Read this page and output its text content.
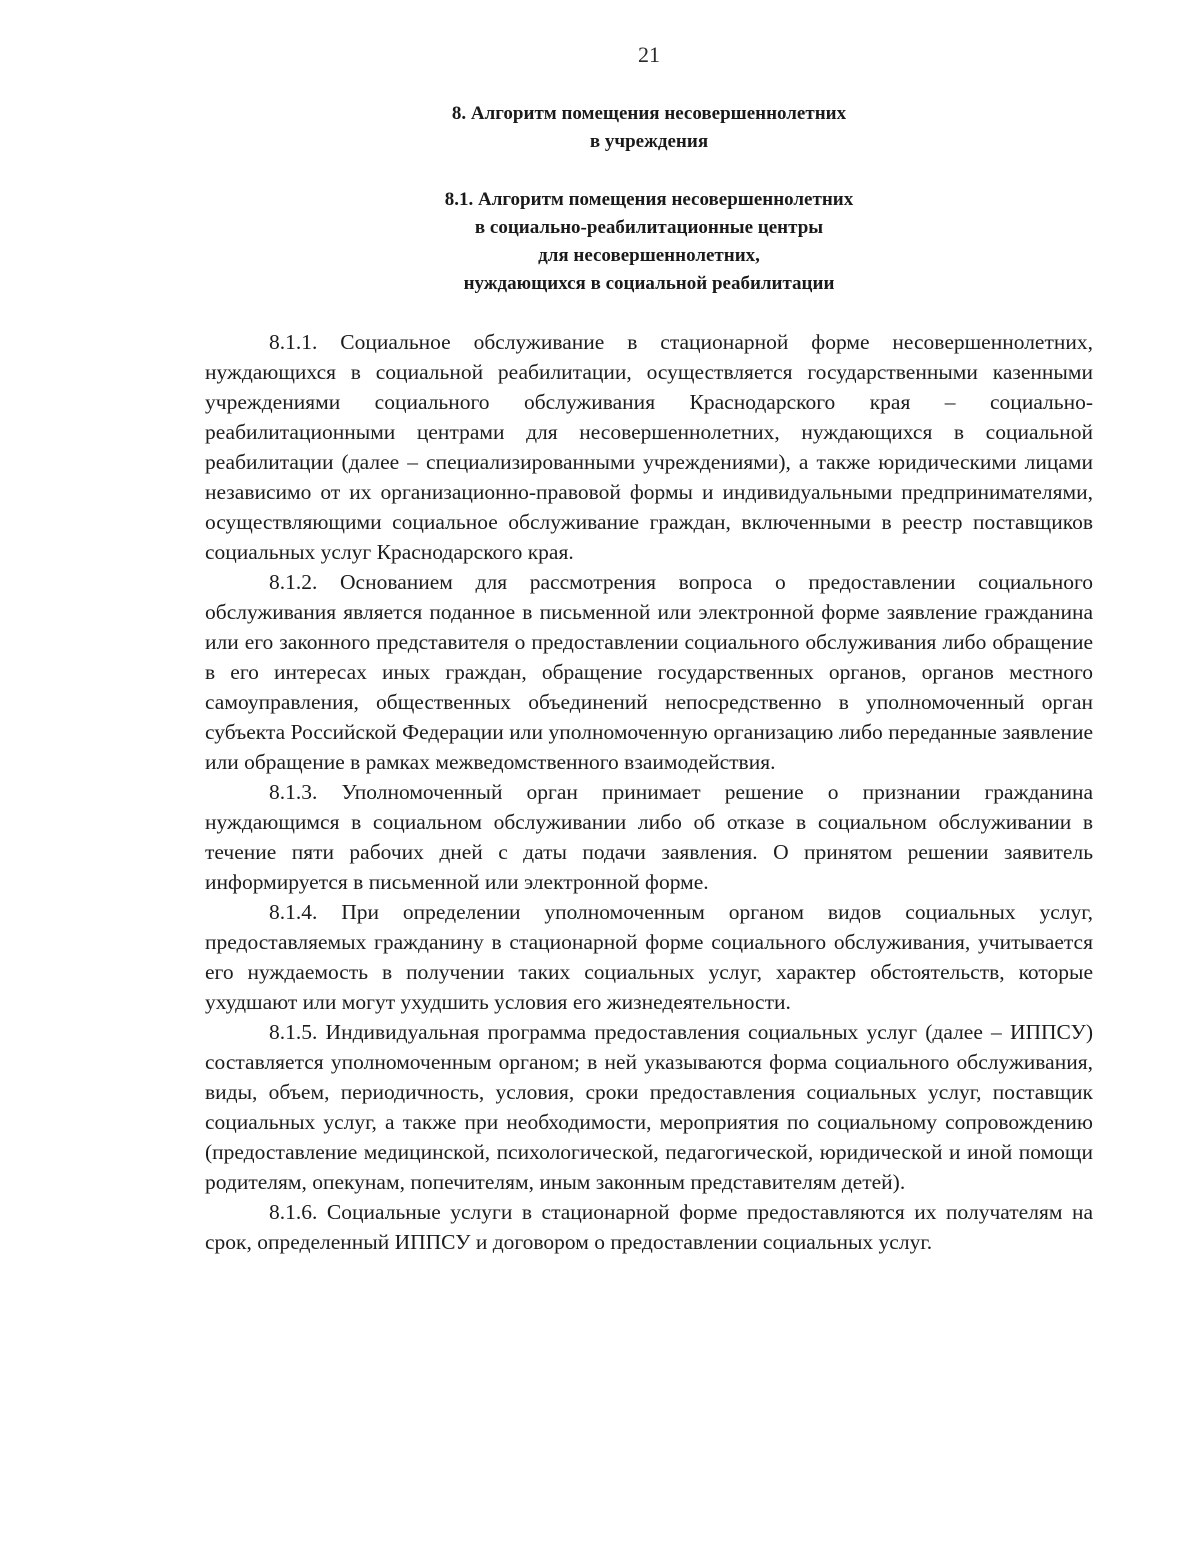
21
8. Алгоритм помещения несовершеннолетних
в учреждения
8.1. Алгоритм помещения несовершеннолетних
в социально-реабилитационные центры
для несовершеннолетних,
нуждающихся в социальной реабилитации

8.1.1. Социальное обслуживание в стационарной форме несовершеннолетних, нуждающихся в социальной реабилитации, осуществляется государственными казенными учреждениями социального обслуживания Краснодарского края – социально-реабилитационными центрами для несовершеннолетних, нуждающихся в социальной реабилитации (далее – специализированными учреждениями), а также юридическими лицами независимо от их организационно-правовой формы и индивидуальными предпринимателями, осуществляющими социальное обслуживание граждан, включенными в реестр поставщиков социальных услуг Краснодарского края.

8.1.2. Основанием для рассмотрения вопроса о предоставлении социального обслуживания является поданное в письменной или электронной форме заявление гражданина или его законного представителя о предоставлении социального обслуживания либо обращение в его интересах иных граждан, обращение государственных органов, органов местного самоуправления, общественных объединений непосредственно в уполномоченный орган субъекта Российской Федерации или уполномоченную организацию либо переданные заявление или обращение в рамках межведомственного взаимодействия.

8.1.3. Уполномоченный орган принимает решение о признании гражданина нуждающимся в социальном обслуживании либо об отказе в социальном обслуживании в течение пяти рабочих дней с даты подачи заявления. О принятом решении заявитель информируется в письменной или электронной форме.

8.1.4. При определении уполномоченным органом видов социальных услуг, предоставляемых гражданину в стационарной форме социального обслуживания, учитывается его нуждаемость в получении таких социальных услуг, характер обстоятельств, которые ухудшают или могут ухудшить условия его жизнедеятельности.

8.1.5. Индивидуальная программа предоставления социальных услуг (далее – ИППСУ) составляется уполномоченным органом; в ней указываются форма социального обслуживания, виды, объем, периодичность, условия, сроки предоставления социальных услуг, поставщик социальных услуг, а также при необходимости, мероприятия по социальному сопровождению (предоставление медицинской, психологической, педагогической, юридической и иной помощи родителям, опекунам, попечителям, иным законным представителям детей).

8.1.6. Социальные услуги в стационарной форме предоставляются их получателям на срок, определенный ИППСУ и договором о предоставлении социальных услуг.
